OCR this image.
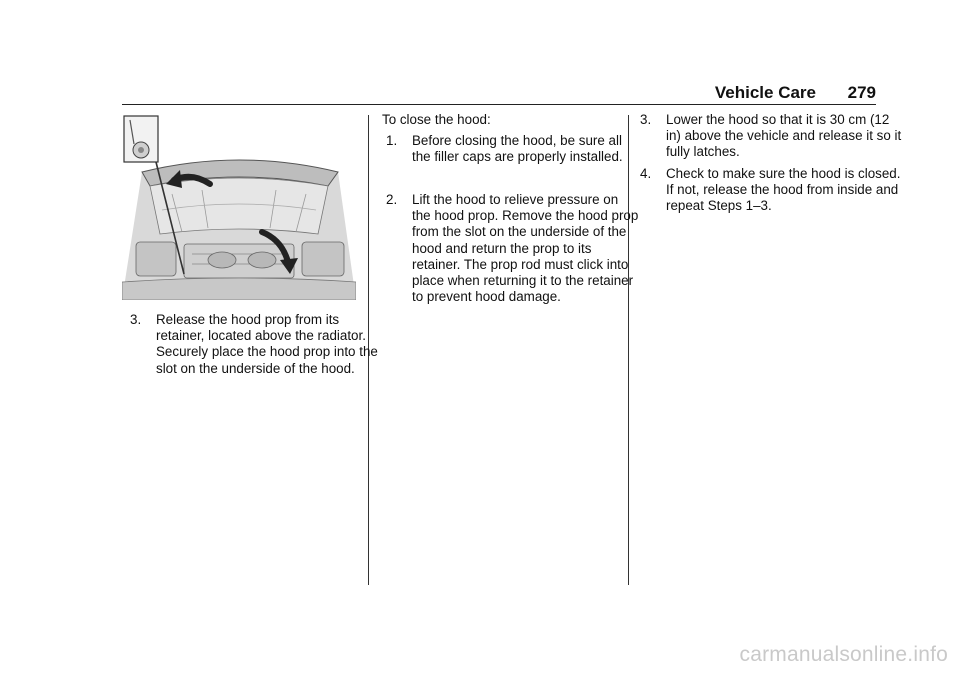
Vehicle Care 279
3. Release the hood prop from its retainer, located above the radiator. Securely place the hood prop into the slot on the underside of the hood.
To close the hood:
1. Before closing the hood, be sure all the filler caps are properly installed.
2. Lift the hood to relieve pressure on the hood prop. Remove the hood prop from the slot on the underside of the hood and return the prop to its retainer. The prop rod must click into place when returning it to the retainer to prevent hood damage.
3. Lower the hood so that it is 30 cm (12 in) above the vehicle and release it so it fully latches.
4. Check to make sure the hood is closed. If not, release the hood from inside and repeat Steps 1–3.
carmanualsonline.info
